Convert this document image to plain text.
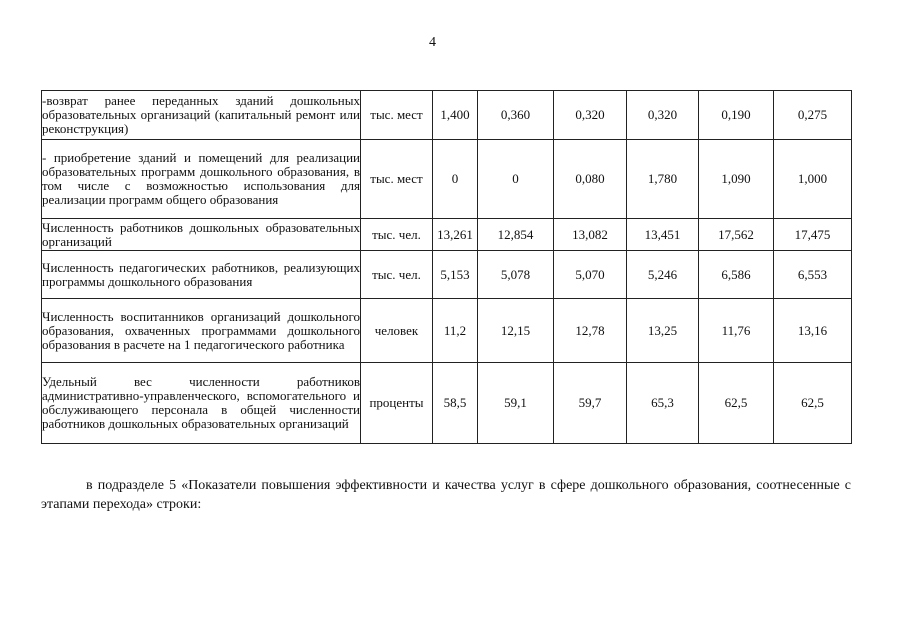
4
-возврат ранее переданных зданий дошкольных образовательных организаций (капитальный ремонт или реконструкция)	тыс. мест	1,400	0,360	0,320	0,320	0,190	0,275
- приобретение зданий и помещений для реализации образовательных программ дошкольного образования, в том числе с возможностью использования для реализации программ общего образования	тыс. мест	0	0	0,080	1,780	1,090	1,000
Численность работников дошкольных образовательных организаций	тыс. чел.	13,261	12,854	13,082	13,451	17,562	17,475
Численность педагогических работников, реализующих программы дошкольного образования	тыс. чел.	5,153	5,078	5,070	5,246	6,586	6,553
Численность воспитанников организаций дошкольного образования, охваченных программами дошкольного образования в расчете на 1 педагогического работника	человек	11,2	12,15	12,78	13,25	11,76	13,16
Удельный вес численности работников административно-управленческого, вспомогательного и обслуживающего персонала в общей численности работников дошкольных образовательных организаций	проценты	58,5	59,1	59,7	65,3	62,5	62,5

в подразделе 5 «Показатели повышения эффективности и качества услуг в сфере дошкольного образования, соотнесенные с этапами перехода» строки:
